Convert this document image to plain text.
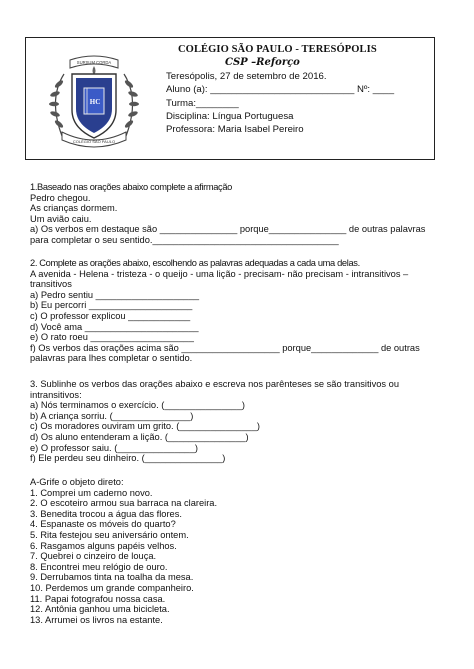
SURSUM CORDA
HC
COLÉGIO SÃO PAULO
COLÉGIO SÃO PAULO - TERESÓPOLIS
CSP –Reforço
Teresópolis, 27 de setembro de 2016.
Aluno (a): ___________________________ Nº: ____
Turma:________
Disciplina: Língua Portuguesa
Professora: Maria Isabel Pereiro
1.Baseado nas orações abaixo complete a afirmação
Pedro chegou.
As crianças dormem.
Um avião caiu.
a) Os verbos em destaque são _______________ porque_______________ de outras palavras
para completar o seu sentido.____________________________________
2. Complete as orações abaixo, escolhendo as palavras adequadas a cada uma delas.
A avenida - Helena - tristeza - o queijo - uma lição - precisam- não precisam - intransitivos –
transitivos
a) Pedro sentiu ____________________
b) Eu percorri ____________________
c) O professor explicou ____________
d) Você ama ______________________
e) O rato roeu ____________________
f) Os verbos das orações acima são ___________________ porque_____________ de outras
palavras para lhes completar o sentido.
3. Sublinhe os verbos das orações abaixo e escreva nos parênteses se são transitivos ou
intransitivos:
a) Nós terminamos o exercício. (_______________)
b) A criança sorriu. (_______________)
c) Os moradores ouviram um grito. (_______________)
d) Os aluno entenderam a lição. (_______________)
e) O professor saiu. (_______________)
f) Ele perdeu seu dinheiro. (_______________)
A-Grife o objeto direto:
1. Comprei um caderno novo.
2. O escoteiro armou sua barraca na clareira.
3. Benedita trocou a água das flores.
4. Espanaste os móveis do quarto?
5. Rita festejou seu aniversário ontem.
6. Rasgamos alguns papéis velhos.
7. Quebrei o cinzeiro de louça.
8. Encontrei meu relógio de ouro.
9. Derrubamos tinta na toalha da mesa.
10. Perdemos um grande companheiro.
11. Papai fotografou nossa casa.
12. Antônia ganhou uma bicicleta.
13. Arrumei os livros na estante.
